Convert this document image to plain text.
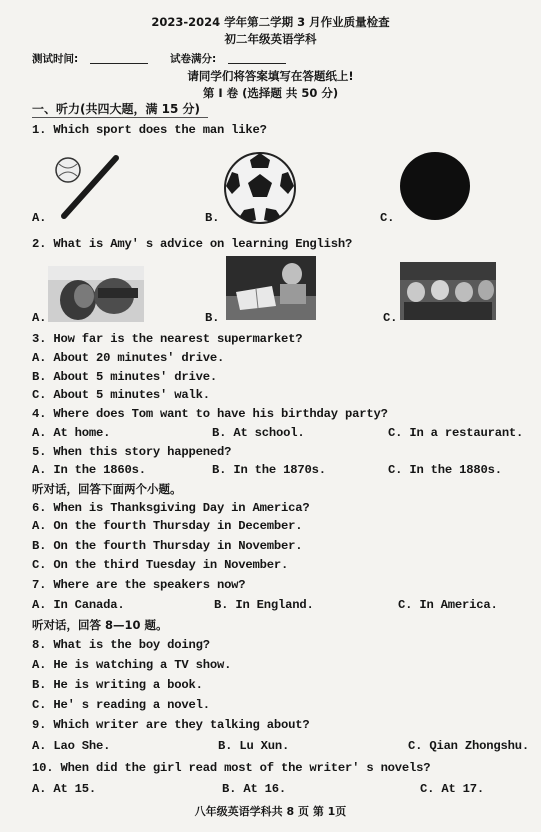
2023-2024 学年第二学期 3 月作业质量检查
初二年级英语学科
测试时间:	试卷满分:
请同学们将答案填写在答题纸上!
第 I 卷 (选择题 共 50 分)
一、听力(共四大题，满 15 分)
1. Which sport does the man like?
A.	B.	C.
2. What is Amy' s advice on learning English?
A.	B.	C.
3. How far is the nearest supermarket?
A. About 20 minutes' drive.
B. About 5 minutes' drive.
C. About 5 minutes' walk.
4. Where does Tom want to have his birthday party?
A. At home.	B. At school.	C. In a restaurant.
5. When this story happened?
A. In the 1860s.	B. In the 1870s.	C. In the 1880s.
听对话，回答下面两个小题。
6. When is Thanksgiving Day in America?
A. On the fourth Thursday in December.
B. On the fourth Thursday in November.
C. On the third Tuesday in November.
7. Where are the speakers now?
A. In Canada.	B. In England.	C. In America.
听对话，回答 8—10 题。
8. What is the boy doing?
A. He is watching a TV show.
B. He is writing a book.
C. He' s reading a novel.
9. Which writer are they talking about?
A. Lao She.	B. Lu Xun.	C. Qian Zhongshu.
10. When did the girl read most of the writer' s novels?
A. At 15.	B. At 16.	C. At 17.
八年级英语学科共 8 页 第 1页
